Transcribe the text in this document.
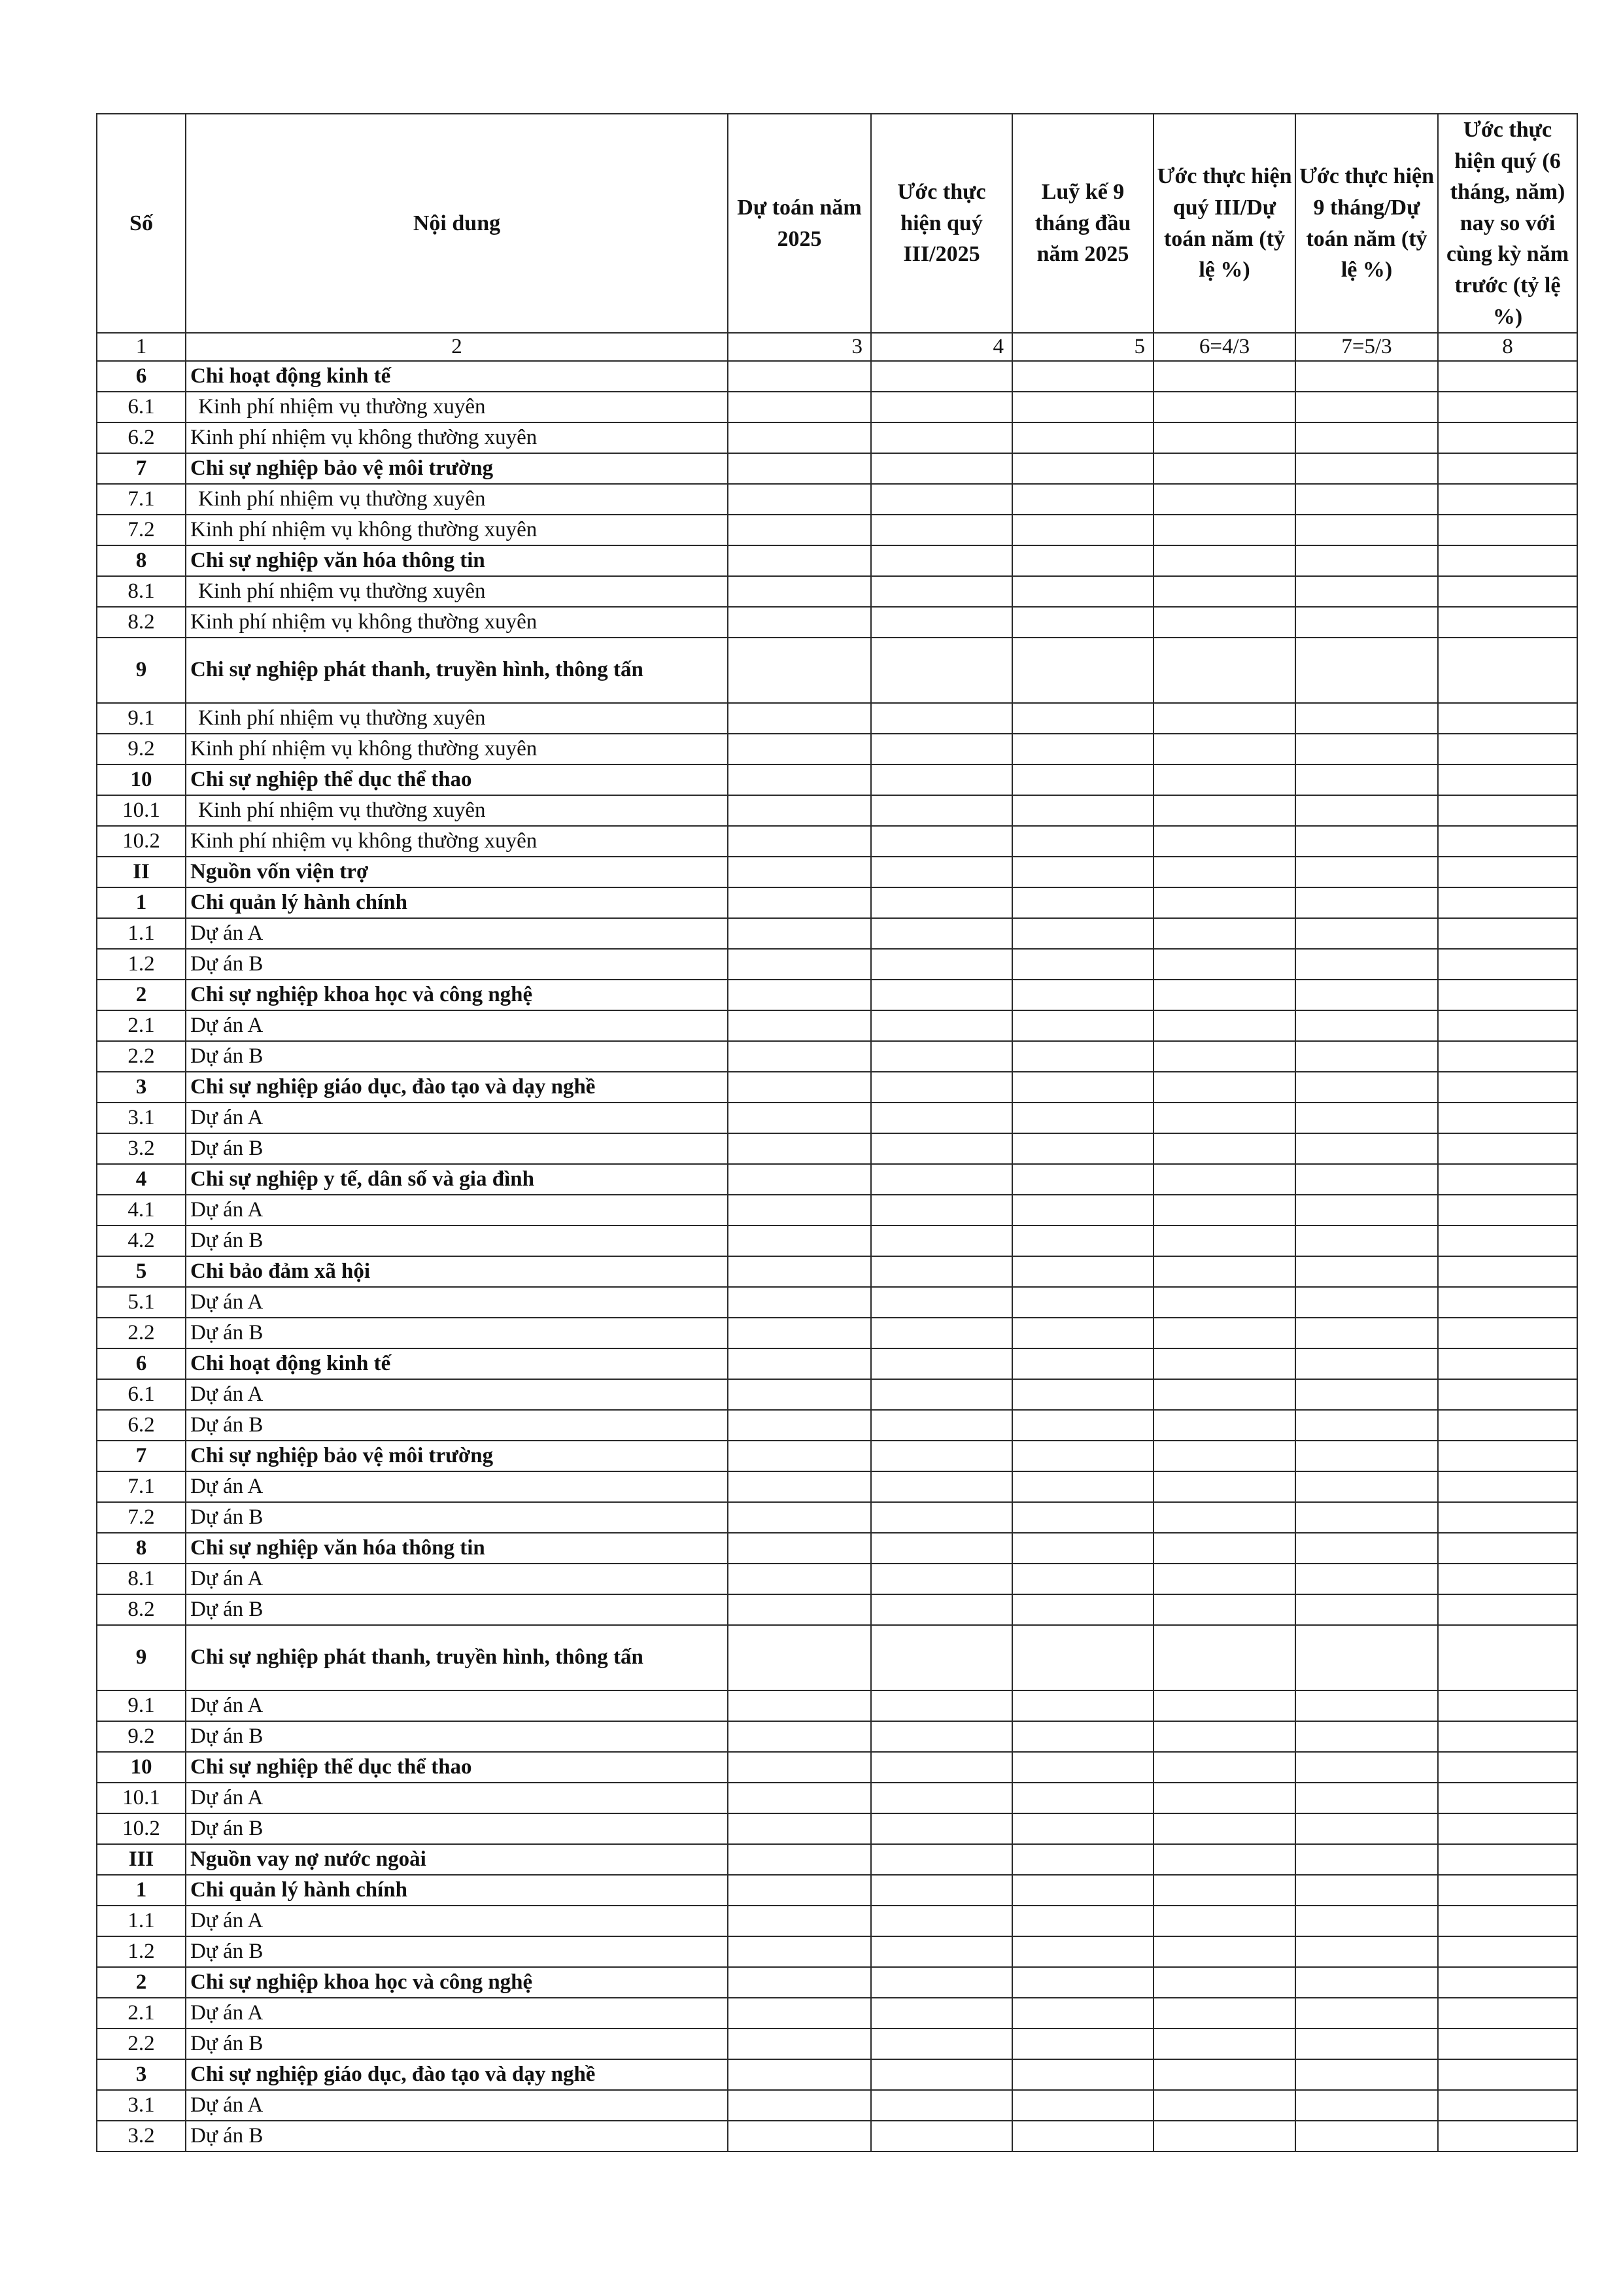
Số	Nội dung	Dự toán năm 2025	Ước thực hiện quý III/2025	Luỹ kế 9 tháng đầu năm 2025	Ước thực hiện quý III/Dự toán năm (tỷ lệ %)	Ước thực hiện 9 tháng/Dự toán năm (tỷ lệ %)	Ước thực hiện quý (6 tháng, năm) nay so với cùng kỳ năm trước (tỷ lệ %)
1	2	3	4	5	6=4/3	7=5/3	8
6	Chi hoạt động kinh tế						
6.1	Kinh phí nhiệm vụ thường xuyên						
6.2	Kinh phí nhiệm vụ không thường xuyên						
7	Chi sự nghiệp bảo vệ môi trường						
7.1	Kinh phí nhiệm vụ thường xuyên						
7.2	Kinh phí nhiệm vụ không thường xuyên						
8	Chi sự nghiệp văn hóa thông tin						
8.1	Kinh phí nhiệm vụ thường xuyên						
8.2	Kinh phí nhiệm vụ không thường xuyên						
9	Chi sự nghiệp phát thanh, truyền hình, thông tấn						
9.1	Kinh phí nhiệm vụ thường xuyên						
9.2	Kinh phí nhiệm vụ không thường xuyên						
10	Chi sự nghiệp thể dục thể thao						
10.1	Kinh phí nhiệm vụ thường xuyên						
10.2	Kinh phí nhiệm vụ không thường xuyên						
II	Nguồn vốn viện trợ						
1	Chi quản lý hành chính						
1.1	Dự án A						
1.2	Dự án B						
2	Chi sự nghiệp khoa học và công nghệ						
2.1	Dự án A						
2.2	Dự án B						
3	Chi sự nghiệp giáo dục, đào tạo và dạy nghề						
3.1	Dự án A						
3.2	Dự án B						
4	Chi sự nghiệp y tế, dân số và gia đình						
4.1	Dự án A						
4.2	Dự án B						
5	Chi bảo đảm xã hội						
5.1	Dự án A						
2.2	Dự án B						
6	Chi hoạt động kinh tế						
6.1	Dự án A						
6.2	Dự án B						
7	Chi sự nghiệp bảo vệ môi trường						
7.1	Dự án A						
7.2	Dự án B						
8	Chi sự nghiệp văn hóa thông tin						
8.1	Dự án A						
8.2	Dự án B						
9	Chi sự nghiệp phát thanh, truyền hình, thông tấn						
9.1	Dự án A						
9.2	Dự án B						
10	Chi sự nghiệp thể dục thể thao						
10.1	Dự án A						
10.2	Dự án B						
III	Nguồn vay nợ nước ngoài						
1	Chi quản lý hành chính						
1.1	Dự án A						
1.2	Dự án B						
2	Chi sự nghiệp khoa học và công nghệ						
2.1	Dự án A						
2.2	Dự án B						
3	Chi sự nghiệp giáo dục, đào tạo và dạy nghề						
3.1	Dự án A						
3.2	Dự án B						
